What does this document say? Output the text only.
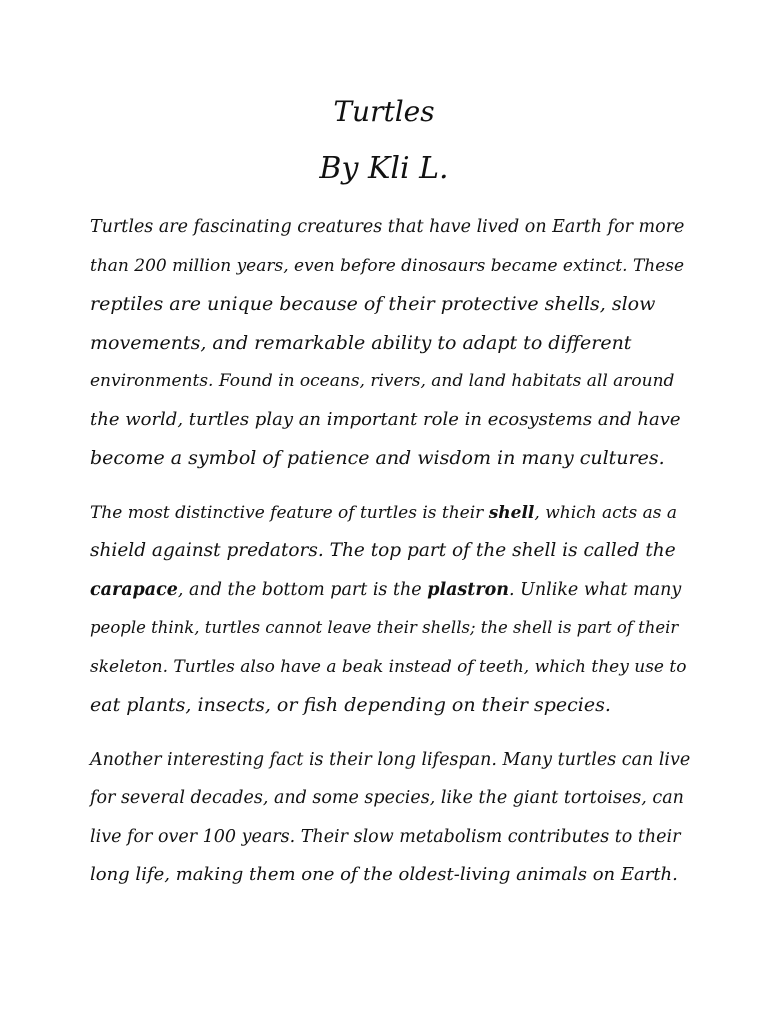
Turtles
By Kli L.

Turtles are fascinating creatures that have lived on Earth for more
than 200 million years, even before dinosaurs became extinct. These
reptiles are unique because of their protective shells, slow
movements, and remarkable ability to adapt to different
environments. Found in oceans, rivers, and land habitats all around
the world, turtles play an important role in ecosystems and have
become a symbol of patience and wisdom in many cultures.

The most distinctive feature of turtles is their shell, which acts as a
shield against predators. The top part of the shell is called the
carapace, and the bottom part is the plastron. Unlike what many
people think, turtles cannot leave their shells; the shell is part of their
skeleton. Turtles also have a beak instead of teeth, which they use to
eat plants, insects, or fish depending on their species.

Another interesting fact is their long lifespan. Many turtles can live
for several decades, and some species, like the giant tortoises, can
live for over 100 years. Their slow metabolism contributes to their
long life, making them one of the oldest-living animals on Earth.
